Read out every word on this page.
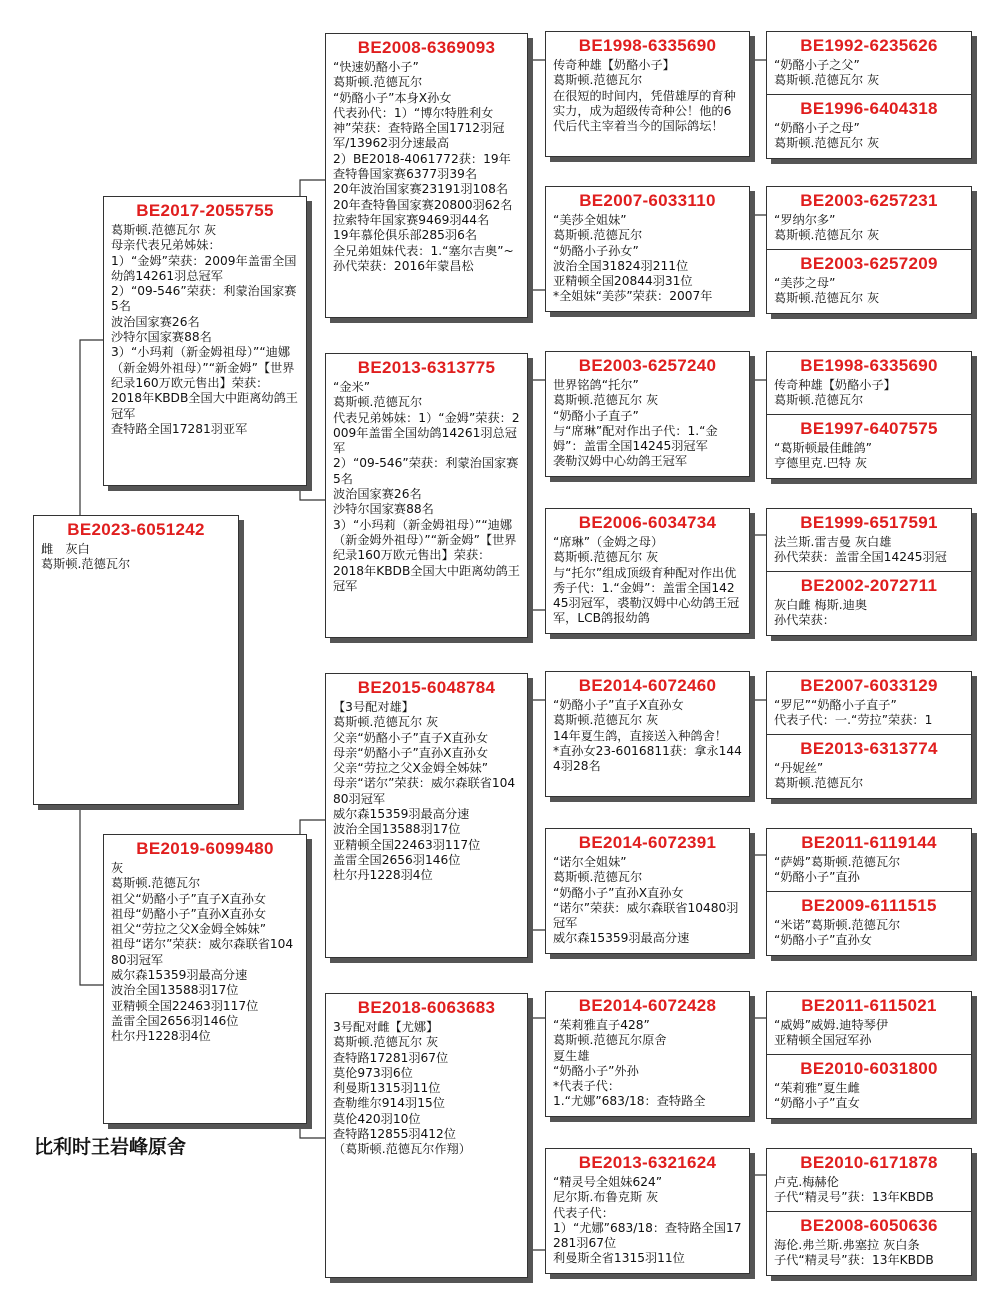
BE2023-6051242
雌　灰白
葛斯顿.范德瓦尔
BE2017-2055755
葛斯顿.范德瓦尔 灰
母亲代表兄弟姊妹：
1）“金姆”荣获：2009年盖雷全国幼鸽14261羽总冠军
2）“09-546”荣获：利蒙治国家赛5名
波治国家赛26名
沙特尔国家赛88名
3）“小玛莉（新金姆祖母）”“迪娜（新金姆外祖母）”“新金姆”【世界纪录160万欧元售出】荣获：
2018年KBDB全国大中距离幼鸽王冠军
查特路全国17281羽亚军
BE2019-6099480
灰
葛斯顿.范德瓦尔
祖父“奶酪小子”直子X直孙女
祖母“奶酪小子”直孙X直孙女
祖父“劳拉之父X金姆全姊妹”
祖母“诺尔”荣获：威尔森联省10480羽冠军
威尔森15359羽最高分速
波治全国13588羽17位
亚精顿全国22463羽117位
盖雷全国2656羽146位
杜尔丹1228羽4位
BE2008-6369093
“快速奶酪小子”
葛斯顿.范德瓦尔
“奶酪小子”本身X孙女
代表孙代：1）“博尔特胜利女神”荣获：查特路全国1712羽冠军/13962羽分速最高
2）BE2018-4061772获：19年查特鲁国家赛6377羽39名
20年波治国家赛23191羽108名
20年查特鲁国家赛20800羽62名
拉索特年国家赛9469羽44名
19年慕伦俱乐部285羽6名
全兄弟姐妹代表：1.“塞尔吉奥”~孙代荣获：2016年蒙昌松
BE2013-6313775
“金米”
葛斯顿.范德瓦尔
代表兄弟姊妹：1）“金姆”荣获：2009年盖雷全国幼鸽14261羽总冠军
2）“09-546”荣获：利蒙治国家赛5名
波治国家赛26名
沙特尔国家赛88名
3）“小玛莉（新金姆祖母）”“迪娜（新金姆外祖母）”“新金姆”【世界纪录160万欧元售出】荣获：
2018年KBDB全国大中距离幼鸽王冠军
BE2015-6048784
【3号配对雄】
葛斯顿.范德瓦尔 灰
父亲“奶酪小子”直子X直孙女
母亲“奶酪小子”直孙X直孙女
父亲“劳拉之父X金姆全姊妹”
母亲“诺尔”荣获：威尔森联省10480羽冠军
威尔森15359羽最高分速
波治全国13588羽17位
亚精顿全国22463羽117位
盖雷全国2656羽146位
杜尔丹1228羽4位
BE2018-6063683
3号配对雌【尤娜】
葛斯顿.范德瓦尔 灰
查特路17281羽67位
莫伦973羽6位
利曼斯1315羽11位
查勒维尔914羽15位
莫伦420羽10位
查特路12855羽412位
（葛斯顿.范德瓦尔作翔）
BE1998-6335690
传奇种雄【奶酪小子】
葛斯顿.范德瓦尔
在很短的时间内，凭借雄厚的育种实力，成为超级传奇种公！他的6代后代主宰着当今的国际鸽坛！
BE2007-6033110
“美莎全姐妹”
葛斯顿.范德瓦尔
“奶酪小子孙女”
波治全国31824羽211位
亚精顿全国20844羽31位
*全姐妹“美莎”荣获：2007年
BE2003-6257240
世界铭鸽“托尔”
葛斯顿.范德瓦尔 灰
“奶酪小子直子”
与“席琳”配对作出子代：1.“金姆”：盖雷全国14245羽冠军
袭勒汉姆中心幼鸽王冠军
BE2006-6034734
“席琳”（金姆之母）
葛斯顿.范德瓦尔 灰
与“托尔”组成顶级育种配对作出优秀子代：1.“金姆”：盖雷全国14245羽冠军，裘勒汉姆中心幼鸽王冠军，LCB鸽报幼鸽
BE2014-6072460
“奶酪小子”直子X直孙女
葛斯顿.范德瓦尔 灰
14年夏生鸽，直接送入种鸽舍！
*直孙女23-6016811获：拿永1444羽28名
BE2014-6072391
“诺尔全姐妹”
葛斯顿.范德瓦尔
“奶酪小子”直孙X直孙女
“诺尔”荣获：威尔森联省10480羽冠军
威尔森15359羽最高分速
BE2014-6072428
“茱莉雅直子428”
葛斯顿.范德瓦尔原舍
夏生雄
“奶酪小子”外孙
*代表子代：
1.“尤娜”683/18：查特路全
BE2013-6321624
“精灵号全姐妹624”
尼尔斯.布鲁克斯 灰
代表子代：
1）“尤娜”683/18：查特路全国17281羽67位
利曼斯全省1315羽11位
BE1992-6235626
“奶酪小子之父”
葛斯顿.范德瓦尔 灰
BE1996-6404318
“奶酪小子之母”
葛斯顿.范德瓦尔 灰
BE2003-6257231
“罗纳尔多”
葛斯顿.范德瓦尔 灰
BE2003-6257209
“美莎之母”
葛斯顿.范德瓦尔 灰
BE1998-6335690
传奇种雄【奶酪小子】
葛斯顿.范德瓦尔
BE1997-6407575
“葛斯顿最佳雌鸽”
亨德里克.巴特 灰
BE1999-6517591
法兰斯.雷吉曼 灰白雄
孙代荣获：盖雷全国14245羽冠
BE2002-2072711
灰白雌 梅斯.迪奥
孙代荣获：
BE2007-6033129
“罗尼”“奶酪小子直子”
代表子代：一.“劳拉”荣获：1
BE2013-6313774
“丹妮丝”
葛斯顿.范德瓦尔
BE2011-6119144
“萨姆”葛斯顿.范德瓦尔
“奶酪小子”直孙
BE2009-6111515
“米诺”葛斯顿.范德瓦尔
“奶酪小子”直孙女
BE2011-6115021
“威姆”威姆.迪特琴伊
亚精顿全国冠军孙
BE2010-6031800
“茱莉雅”夏生雌
“奶酪小子”直女
BE2010-6171878
卢克.梅赫伦
子代“精灵号”获：13年KBDB
BE2008-6050636
海伦.弗兰斯.弗塞拉 灰白条
子代“精灵号”获：13年KBDB
比利时王岩峰原舍
